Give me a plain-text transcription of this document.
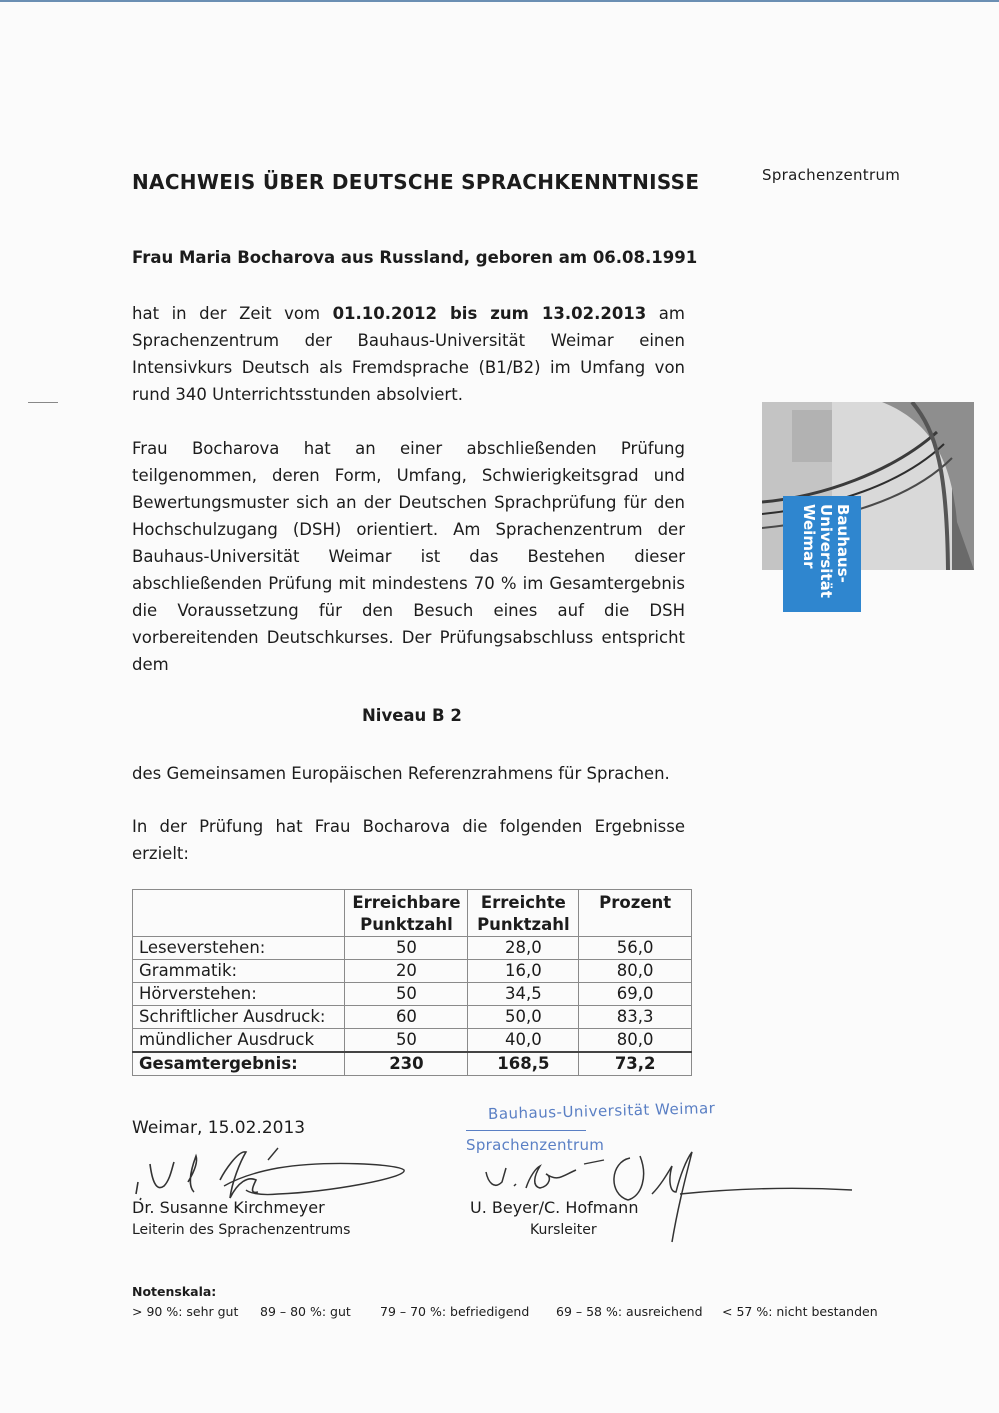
NACHWEIS ÜBER DEUTSCHE SPRACHKENNTNISSE	Sprachenzentrum
Frau Maria Bocharova aus Russland, geboren am 06.08.1991
hat in der Zeit vom 01.10.2012 bis zum 13.02.2013 am Sprachenzentrum der Bauhaus-Universität Weimar einen Intensivkurs Deutsch als Fremdsprache (B1/B2) im Umfang von rund 340 Unterrichtsstunden absolviert.
Frau Bocharova hat an einer abschließenden Prüfung teilgenommen, deren Form, Umfang, Schwierigkeitsgrad und Bewertungsmuster sich an der Deutschen Sprachprüfung für den Hochschulzugang (DSH) orientiert. Am Sprachenzentrum der Bauhaus-Universität Weimar ist das Bestehen dieser abschließenden Prüfung mit mindestens 70 % im Gesamtergebnis die Voraussetzung für den Besuch eines auf die DSH vorbereitenden Deutschkurses. Der Prüfungsabschluss entspricht dem
Niveau B 2
des Gemeinsamen Europäischen Referenzrahmens für Sprachen.
In der Prüfung hat Frau Bocharova die folgenden Ergebnisse erzielt:
	Erreichbare Punktzahl	Erreichte Punktzahl	Prozent
Leseverstehen:	50	28,0	56,0
Grammatik:	20	16,0	80,0
Hörverstehen:	50	34,5	69,0
Schriftlicher Ausdruck:	60	50,0	83,3
mündlicher Ausdruck	50	40,0	80,0
Gesamtergebnis:	230	168,5	73,2
Bauhaus-
Universität
Weimar
Weimar, 15.02.2013
Bauhaus-Universität Weimar
Sprachenzentrum
Dr. Susanne Kirchmeyer
Leiterin des Sprachenzentrums
U. Beyer/C. Hofmann
Kursleiter
Notenskala:
> 90 %: sehr gut 89 – 80 %: gut 79 – 70 %: befriedigend 69 – 58 %: ausreichend < 57 %: nicht bestanden
